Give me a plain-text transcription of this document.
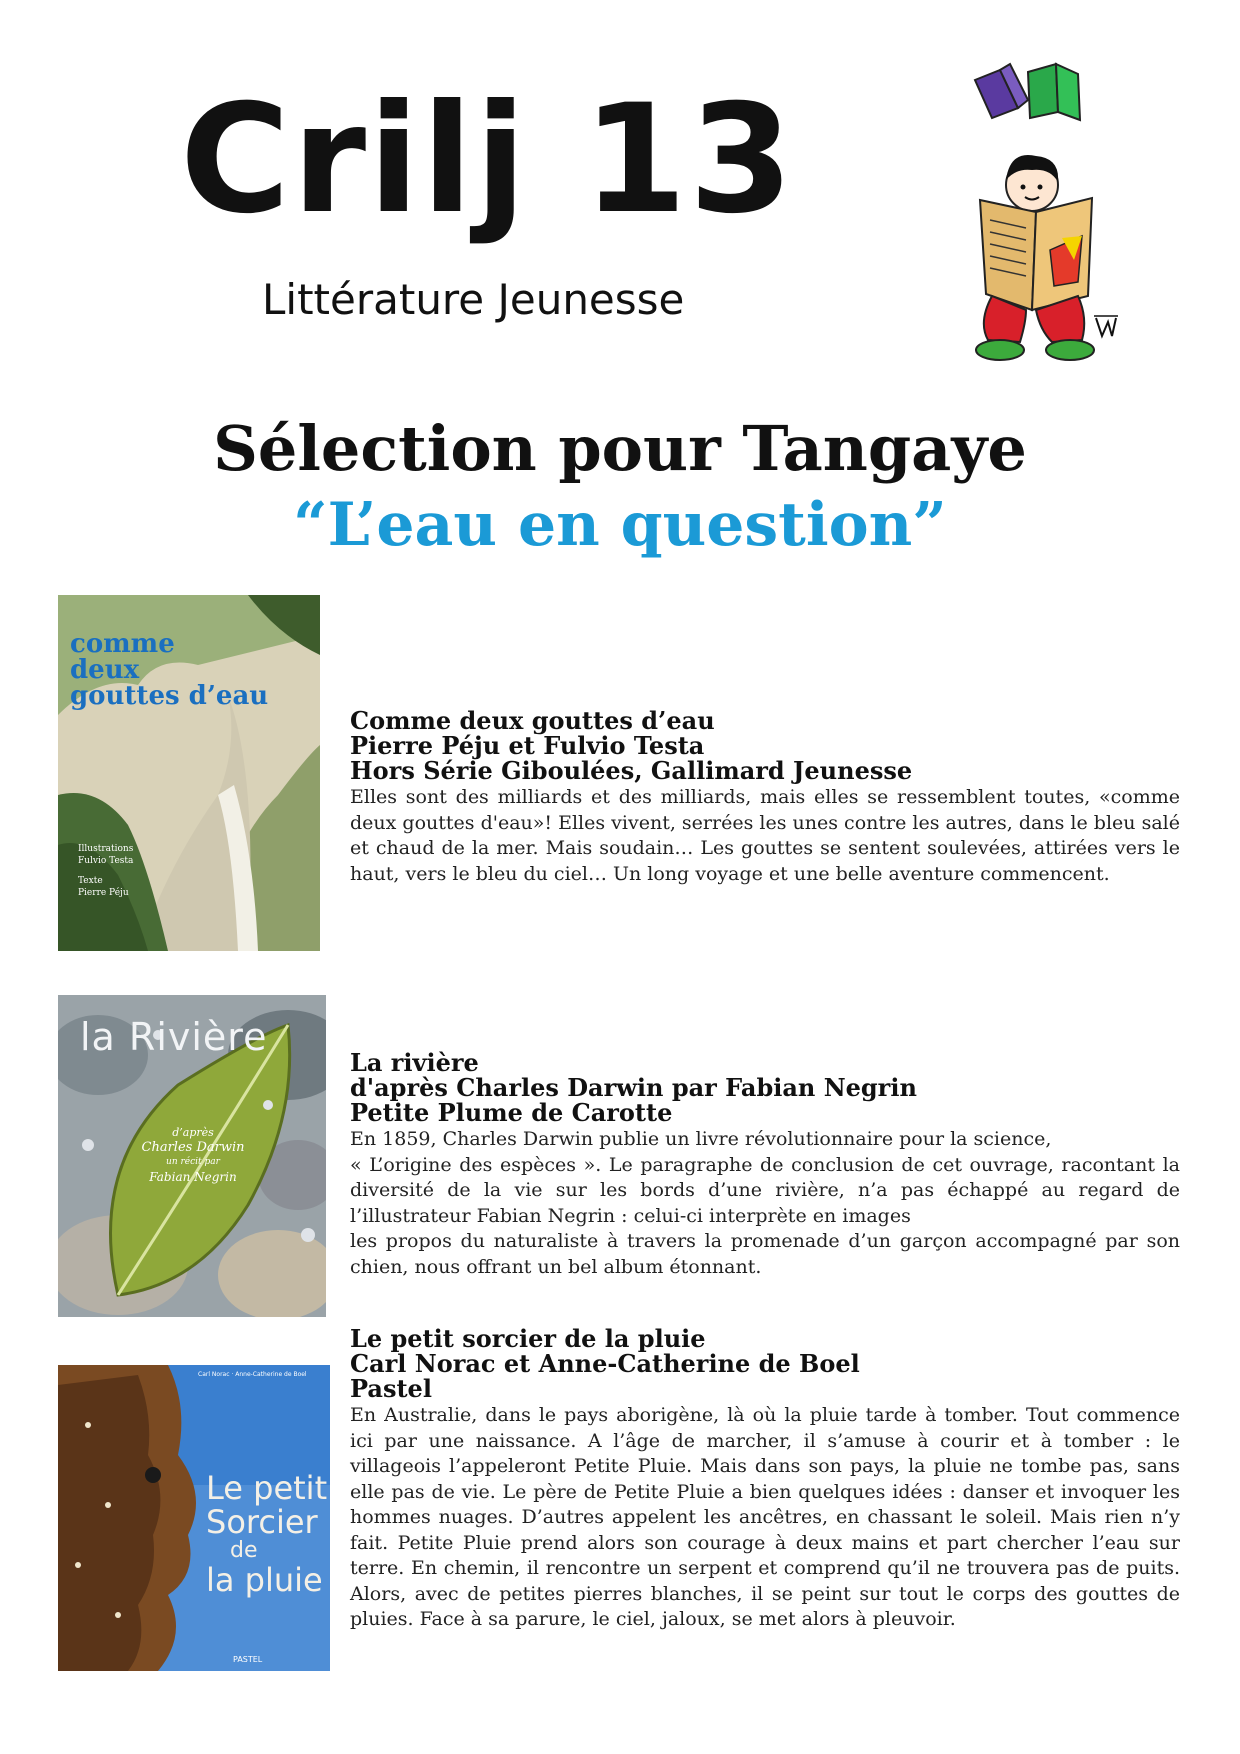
Crilj 13
Littérature Jeunesse
Sélection pour Tangaye
“L’eau en question”
comme
deux
gouttes d’eau
Illustrations
Fulvio Testa
Texte
Pierre Péju

Comme deux gouttes d’eau

Pierre Péju et Fulvio Testa

Hors Série Giboulées, Gallimard Jeunesse

Elles sont des milliards et des milliards, mais elles se ressemblent toutes, «comme deux gouttes d'eau»! Elles vivent, serrées les unes contre les autres, dans le bleu salé et chaud de la mer. Mais soudain… Les gouttes se sentent soulevées, attirées vers le haut, vers le bleu du ciel… Un long voyage et une belle aventure commencent.

la Rivière
d’après
Charles Darwin
un récit par
Fabian Negrin

La rivière

d'après Charles Darwin par Fabian Negrin

Petite Plume de Carotte

En 1859, Charles Darwin publie un livre révolutionnaire pour la science,
« L’origine des espèces ». Le paragraphe de conclusion de cet ouvrage, racontant la diversité de la vie sur les bords d’une rivière, n’a pas échappé au regard de l’illustrateur Fabian Negrin : celui-ci interprète en images
les propos du naturaliste à travers la promenade d’un garçon accompagné par son chien, nous offrant un bel album étonnant.

Carl Norac · Anne-Catherine de Boel
Le petit
Sorcier
de
la pluie
PASTEL

Le petit sorcier de la pluie

Carl Norac et Anne-Catherine de Boel

Pastel

En Australie, dans le pays aborigène, là où la pluie tarde à tomber. Tout commence ici par une naissance. A l’âge de marcher, il s’amuse à courir et à tomber : le villageois l’appeleront Petite Pluie. Mais dans son pays, la pluie ne tombe pas, sans elle pas de vie. Le père de Petite Pluie a bien quelques idées : danser et invoquer les hommes nuages. D’autres appelent les ancêtres, en chassant le soleil. Mais rien n’y fait. Petite Pluie prend alors son courage à deux mains et part chercher l’eau sur terre. En chemin, il rencontre un serpent et comprend qu’il ne trouvera pas de puits. Alors, avec de petites pierres blanches, il se peint sur tout le corps des gouttes de pluies. Face à sa parure, le ciel, jaloux, se met alors à pleuvoir.
